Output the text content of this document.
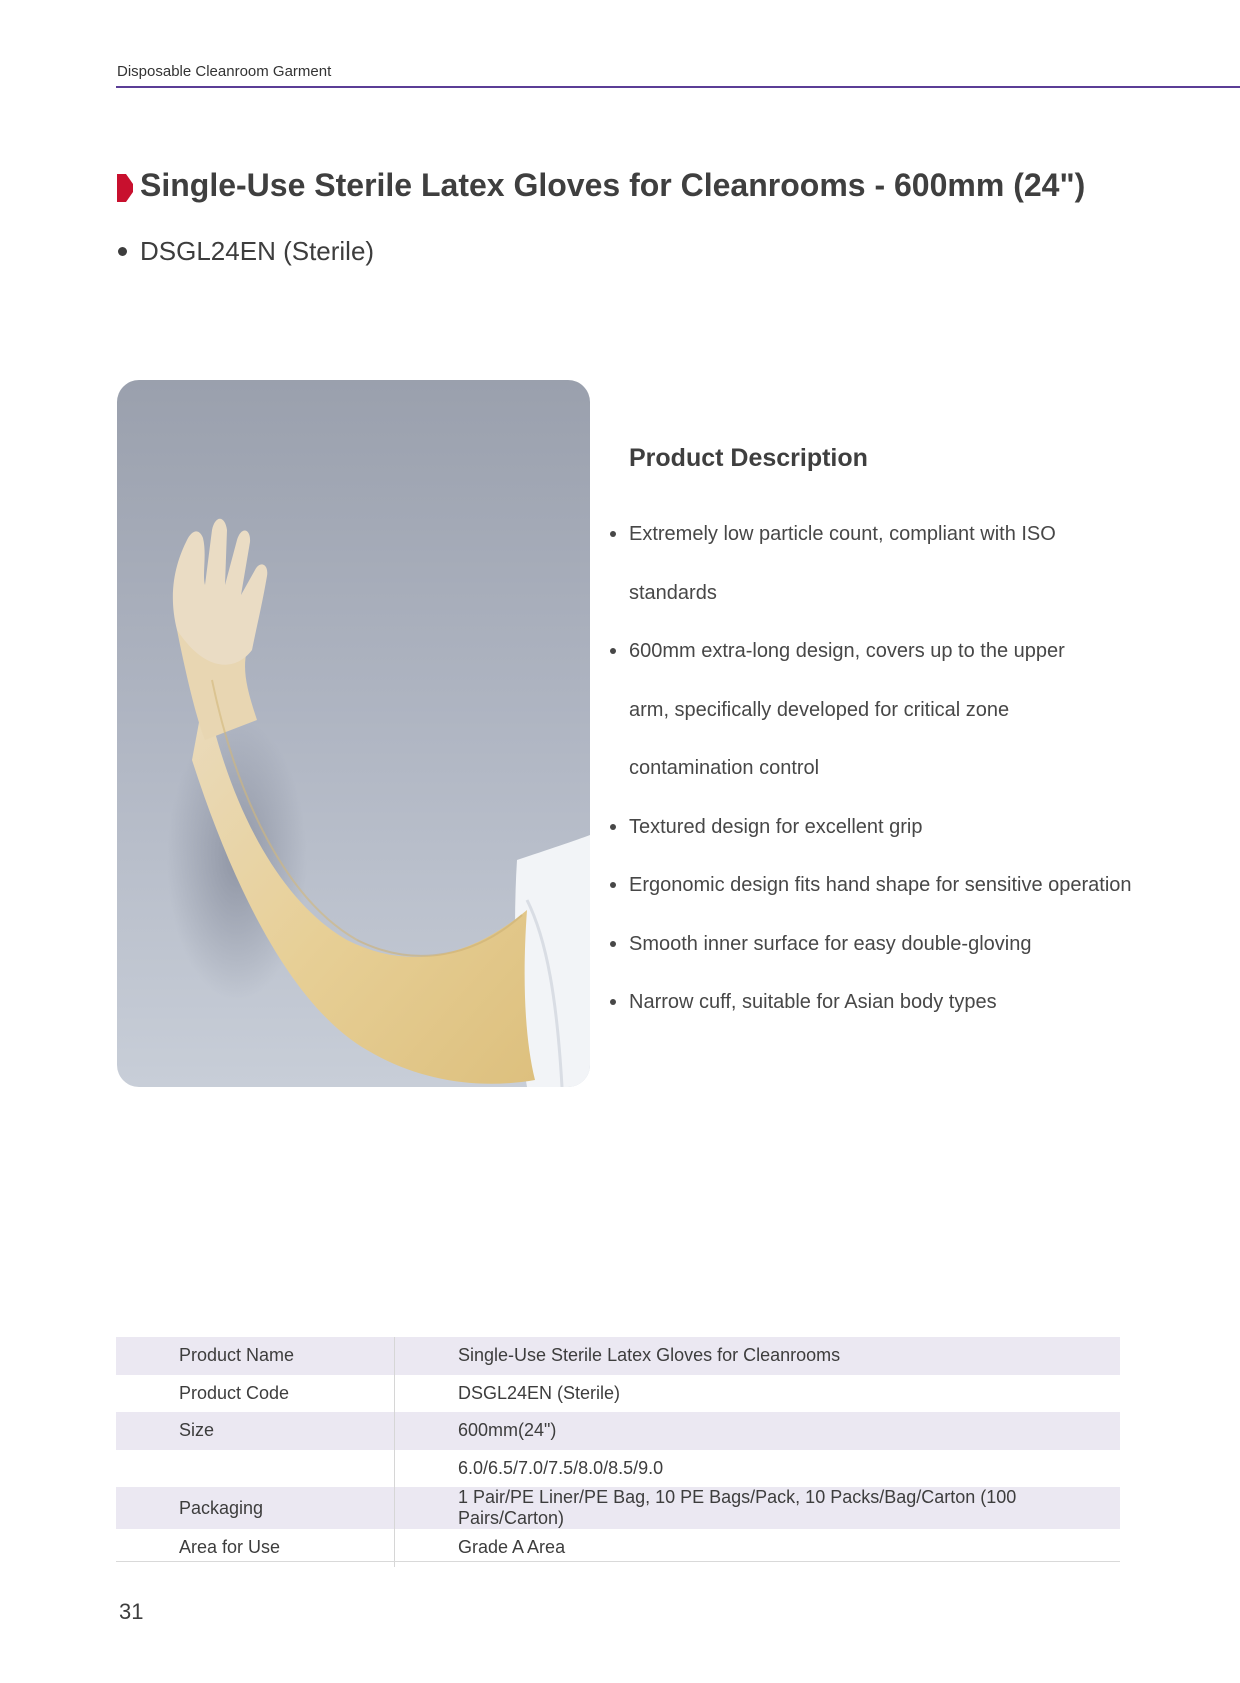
Disposable Cleanroom Garment
Single-Use Sterile Latex Gloves for Cleanrooms - 600mm (24")
DSGL24EN (Sterile)
Product Description
Extremely low particle count, compliant with ISO standards
600mm extra-long design, covers up to the upper arm, specifically developed for critical zone contamination control
Textured design for excellent grip
Ergonomic design fits hand shape for sensitive operation
Smooth inner surface for easy double-gloving
Narrow cuff, suitable for Asian body types
Product Name	Single-Use Sterile Latex Gloves for Cleanrooms
Product Code	DSGL24EN (Sterile)
Size	600mm(24")
	6.0/6.5/7.0/7.5/8.0/8.5/9.0
Packaging	1 Pair/PE Liner/PE Bag, 10 PE Bags/Pack, 10 Packs/Bag/Carton (100 Pairs/Carton)
Area for Use	Grade A Area
31
